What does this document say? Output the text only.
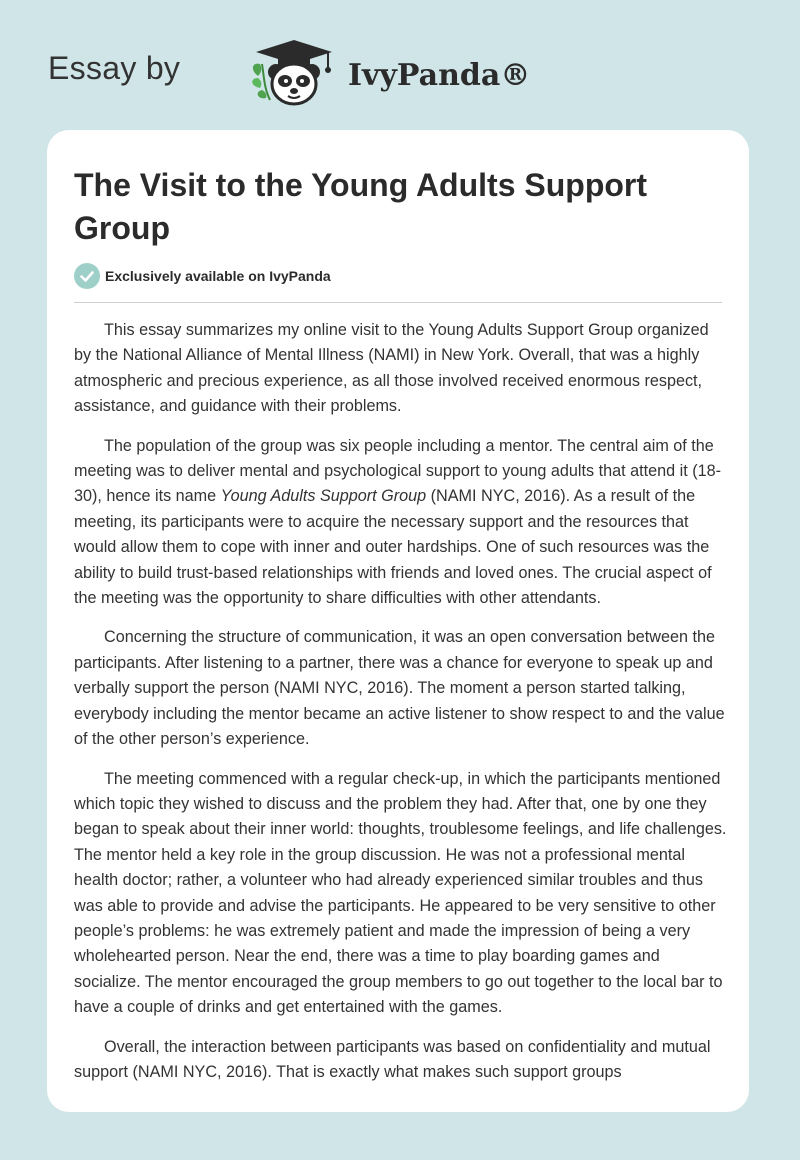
Essay by	IvyPanda®
The Visit to the Young Adults Support Group
Exclusively available on IvyPanda

This essay summarizes my online visit to the Young Adults Support Group organized by the National Alliance of Mental Illness (NAMI) in New York. Overall, that was a highly atmospheric and precious experience, as all those involved received enormous respect, assistance, and guidance with their problems.

The population of the group was six people including a mentor. The central aim of the meeting was to deliver mental and psychological support to young adults that attend it (18-30), hence its name Young Adults Support Group (NAMI NYC, 2016). As a result of the meeting, its participants were to acquire the necessary support and the resources that would allow them to cope with inner and outer hardships. One of such resources was the ability to build trust-based relationships with friends and loved ones. The crucial aspect of the meeting was the opportunity to share difficulties with other attendants.

Concerning the structure of communication, it was an open conversation between the participants. After listening to a partner, there was a chance for everyone to speak up and verbally support the person (NAMI NYC, 2016). The moment a person started talking, everybody including the mentor became an active listener to show respect to and the value of the other person’s experience.

The meeting commenced with a regular check-up, in which the participants mentioned which topic they wished to discuss and the problem they had. After that, one by one they began to speak about their inner world: thoughts, troublesome feelings, and life challenges. The mentor held a key role in the group discussion. He was not a professional mental health doctor; rather, a volunteer who had already experienced similar troubles and thus was able to provide and advise the participants. He appeared to be very sensitive to other people’s problems: he was extremely patient and made the impression of being a very wholehearted person. Near the end, there was a time to play boarding games and socialize. The mentor encouraged the group members to go out together to the local bar to have a couple of drinks and get entertained with the games.

Overall, the interaction between participants was based on confidentiality and mutual support (NAMI NYC, 2016). That is exactly what makes such support groups
